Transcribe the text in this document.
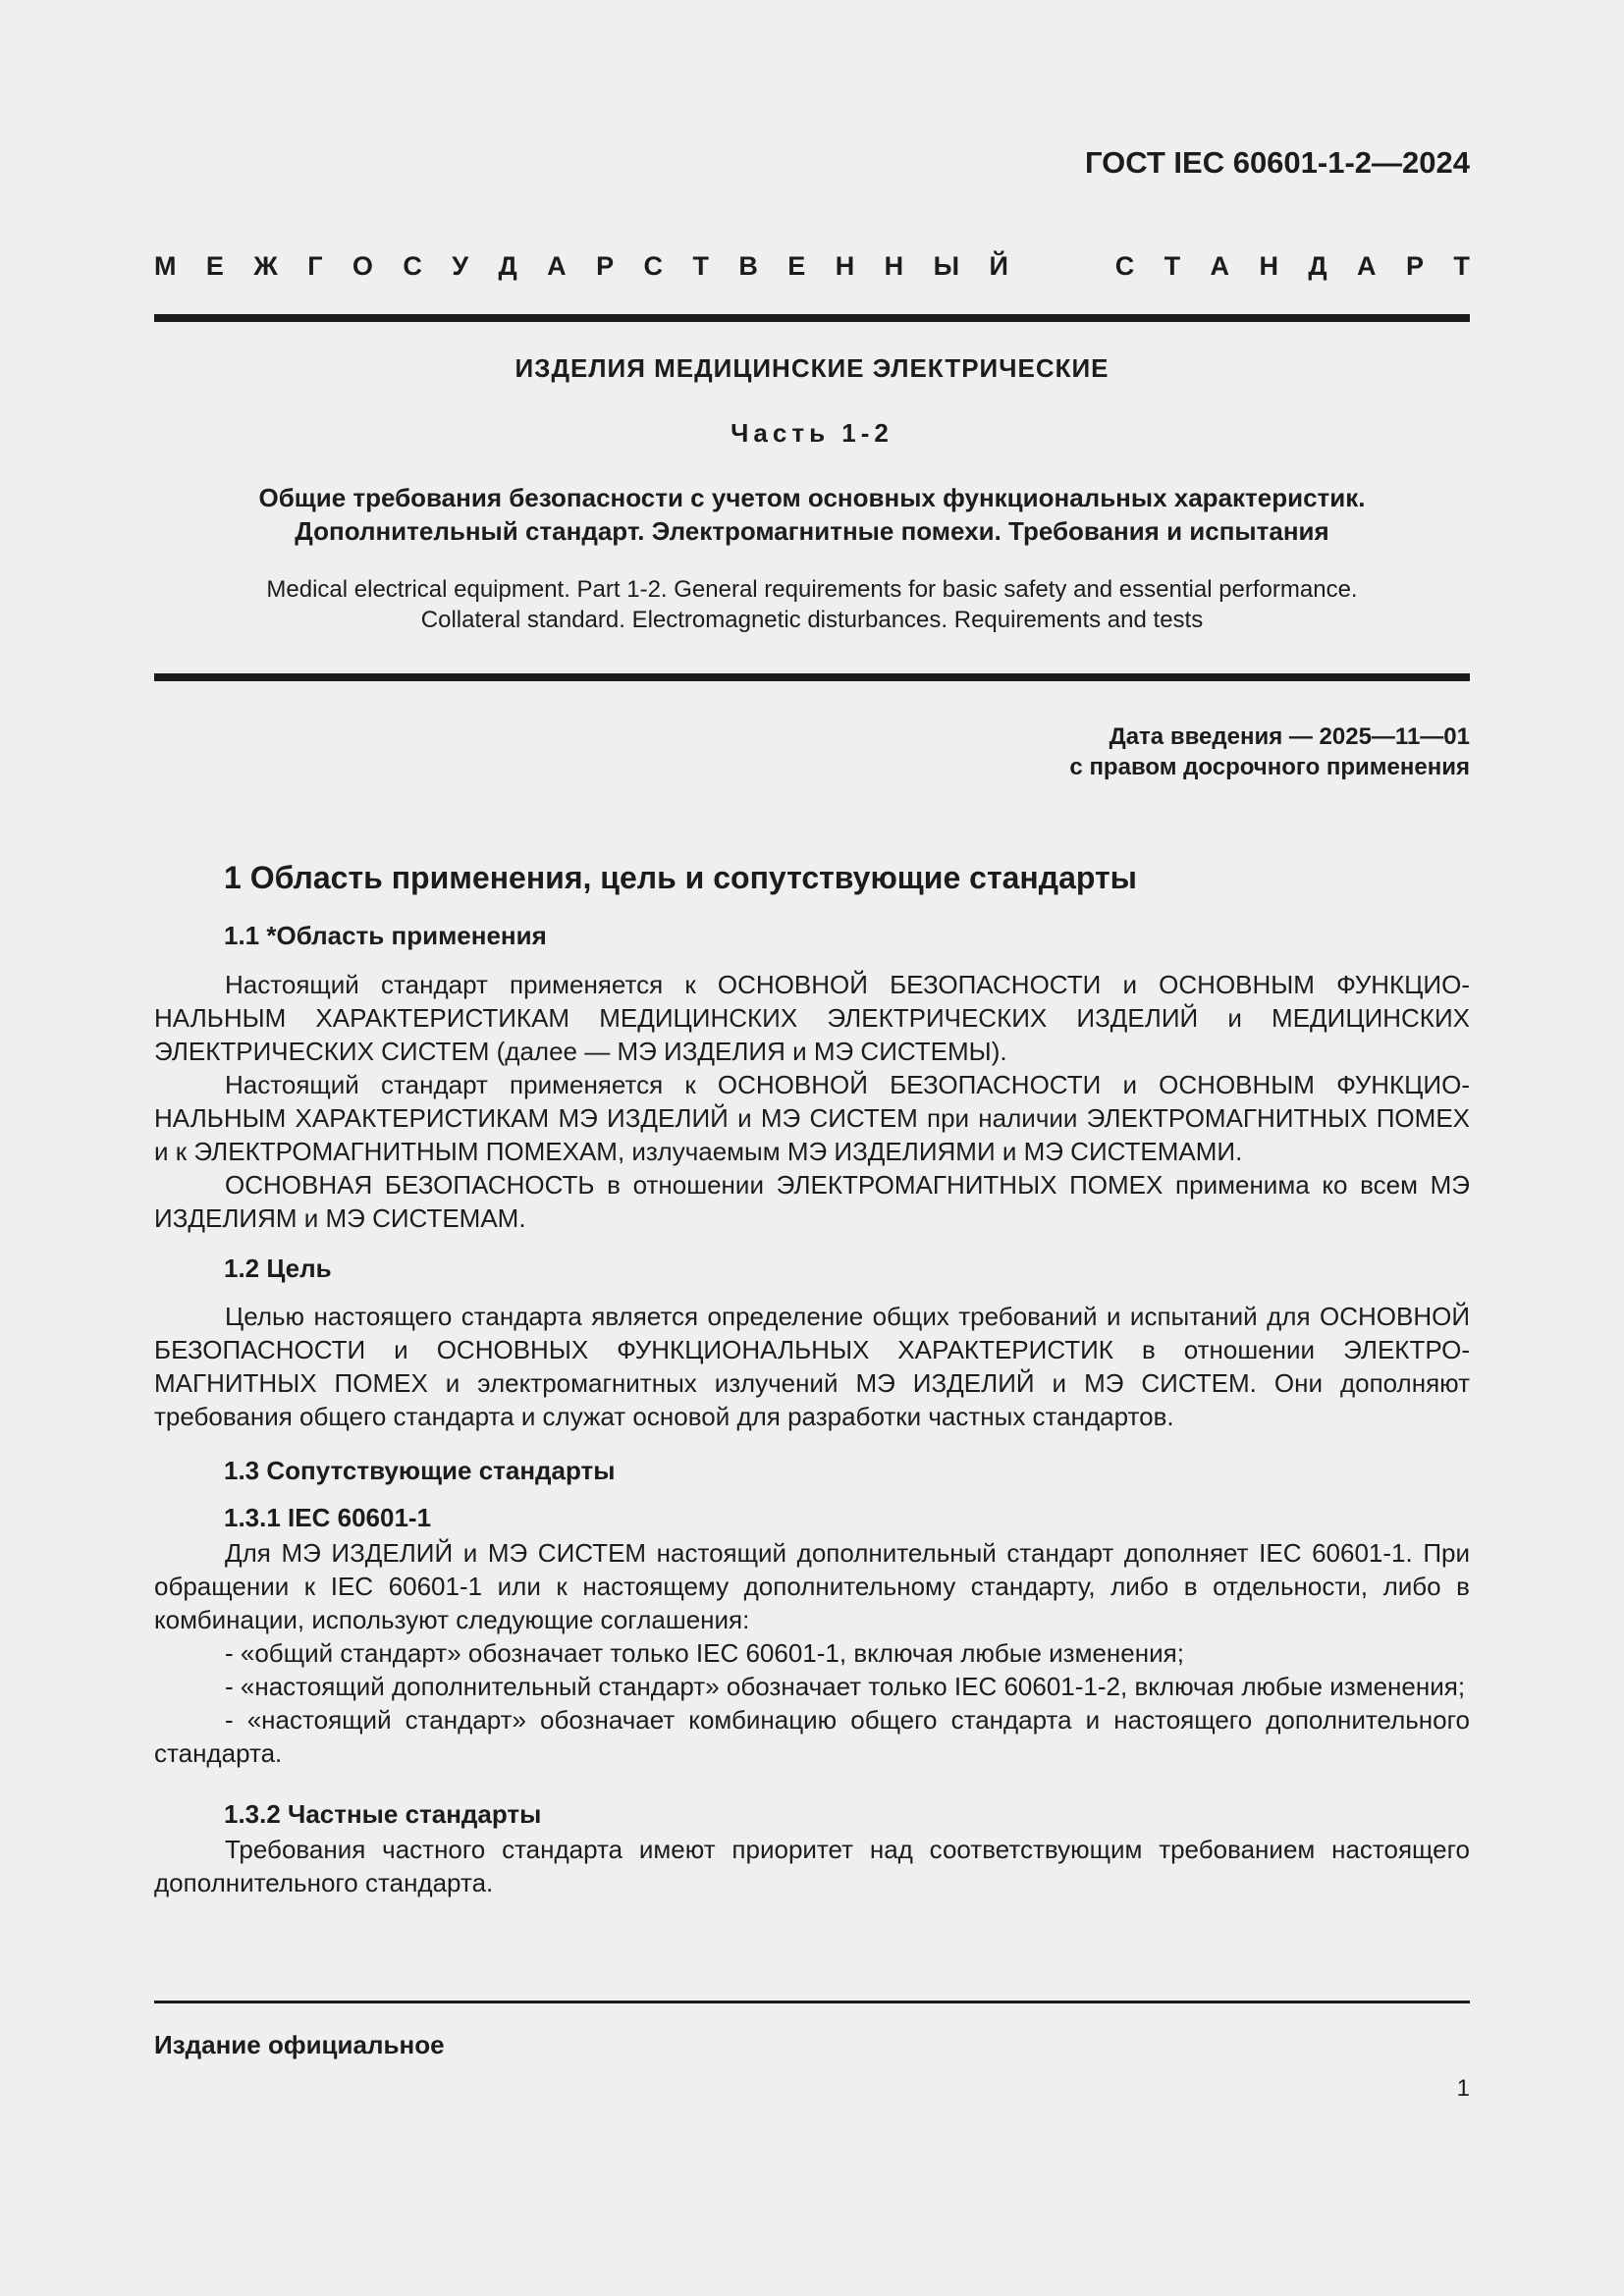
ГОСТ IEC 60601-1-2—2024
М Е Ж Г О С У Д А Р С Т В Е Н Н Ы Й	С Т А Н Д А Р Т
ИЗДЕЛИЯ МЕДИЦИНСКИЕ ЭЛЕКТРИЧЕСКИЕ
Часть 1-2
Общие требования безопасности с учетом основных функциональных характеристик.
Дополнительный стандарт. Электромагнитные помехи. Требования и испытания
Medical electrical equipment. Part 1-2. General requirements for basic safety and essential performance.
Collateral standard. Electromagnetic disturbances. Requirements and tests
Дата введения — 2025—11—01
с правом досрочного применения
1 Область применения, цель и сопутствующие стандарты
1.1 *Область применения

Настоящий стандарт применяется к ОСНОВНОЙ БЕЗОПАСНОСТИ и ОСНОВНЫМ ФУНКЦИОНАЛЬНЫМ ХАРАКТЕРИСТИКАМ МЕДИЦИНСКИХ ЭЛЕКТРИЧЕСКИХ ИЗДЕЛИЙ и МЕДИЦИНСКИХ ЭЛЕКТРИЧЕСКИХ СИСТЕМ (далее — МЭ ИЗДЕЛИЯ и МЭ СИСТЕМЫ).

Настоящий стандарт применяется к ОСНОВНОЙ БЕЗОПАСНОСТИ и ОСНОВНЫМ ФУНКЦИОНАЛЬНЫМ ХАРАКТЕРИСТИКАМ МЭ ИЗДЕЛИЙ и МЭ СИСТЕМ при наличии ЭЛЕКТРОМАГНИТНЫХ ПОМЕХ и к ЭЛЕКТРОМАГНИТНЫМ ПОМЕХАМ, излучаемым МЭ ИЗДЕЛИЯМИ и МЭ СИСТЕМАМИ.

ОСНОВНАЯ БЕЗОПАСНОСТЬ в отношении ЭЛЕКТРОМАГНИТНЫХ ПОМЕХ применима ко всем МЭ ИЗДЕЛИЯМ и МЭ СИСТЕМАМ.

1.2 Цель

Целью настоящего стандарта является определение общих требований и испытаний для ОСНОВНОЙ БЕЗОПАСНОСТИ и ОСНОВНЫХ ФУНКЦИОНАЛЬНЫХ ХАРАКТЕРИСТИК в отношении ЭЛЕКТРОМАГНИТНЫХ ПОМЕХ и электромагнитных излучений МЭ ИЗДЕЛИЙ и МЭ СИСТЕМ. Они дополняют требования общего стандарта и служат основой для разработки частных стандартов.

1.3 Сопутствующие стандарты
1.3.1 IEC 60601-1

Для МЭ ИЗДЕЛИЙ и МЭ СИСТЕМ настоящий дополнительный стандарт дополняет IEC 60601-1. При обращении к IEC 60601-1 или к настоящему дополнительному стандарту, либо в отдельности, либо в комбинации, используют следующие соглашения:

- «общий стандарт» обозначает только IEC 60601-1, включая любые изменения;

- «настоящий дополнительный стандарт» обозначает только IEC 60601-1-2, включая любые изменения;

- «настоящий стандарт» обозначает комбинацию общего стандарта и настоящего дополнительного стандарта.

1.3.2 Частные стандарты

Требования частного стандарта имеют приоритет над соответствующим требованием настоящего дополнительного стандарта.

Издание официальное
1
